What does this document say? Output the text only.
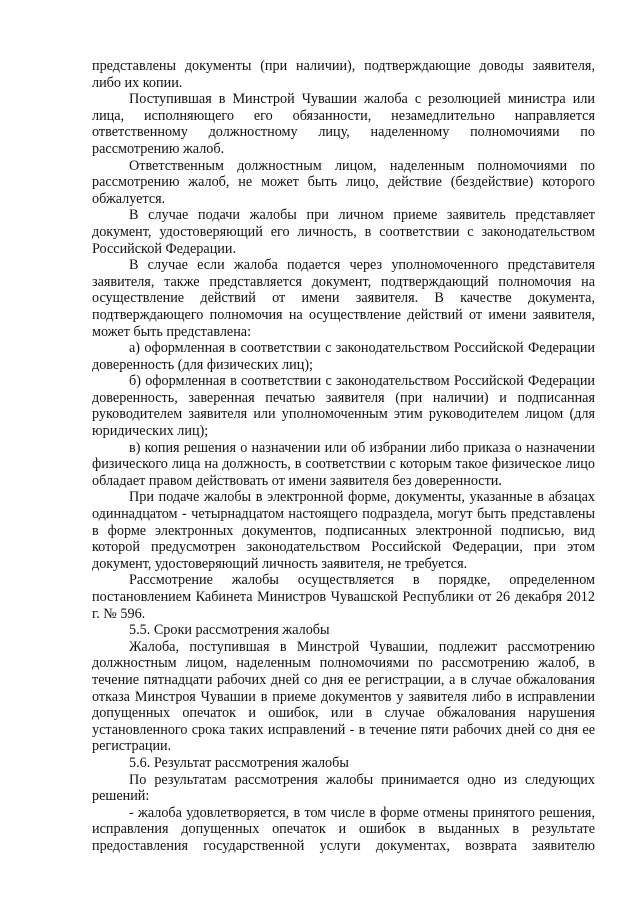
представлены документы (при наличии), подтверждающие доводы заявителя, либо их копии.

Поступившая в Минстрой Чувашии жалоба с резолюцией министра или лица, исполняющего его обязанности, незамедлительно направляется ответственному должностному лицу, наделенному полномочиями по рассмотрению жалоб.

Ответственным должностным лицом, наделенным полномочиями по рассмотрению жалоб, не может быть лицо, действие (бездействие) которого обжалуется.

В случае подачи жалобы при личном приеме заявитель представляет документ, удостоверяющий его личность, в соответствии с законодательством Российской Федерации.

В случае если жалоба подается через уполномоченного представителя заявителя, также представляется документ, подтверждающий полномочия на осуществление действий от имени заявителя. В качестве документа, подтверждающего полномочия на осуществление действий от имени заявителя, может быть представлена:

а) оформленная в соответствии с законодательством Российской Федерации доверенность (для физических лиц);

б) оформленная в соответствии с законодательством Российской Федерации доверенность, заверенная печатью заявителя (при наличии) и подписанная руководителем заявителя или уполномоченным этим руководителем лицом (для юридических лиц);

в) копия решения о назначении или об избрании либо приказа о назначении физического лица на должность, в соответствии с которым такое физическое лицо обладает правом действовать от имени заявителя без доверенности.

При подаче жалобы в электронной форме, документы, указанные в абзацах одиннадцатом - четырнадцатом настоящего подраздела, могут быть представлены в форме электронных документов, подписанных электронной подписью, вид которой предусмотрен законодательством Российской Федерации, при этом документ, удостоверяющий личность заявителя, не требуется.

Рассмотрение жалобы осуществляется в порядке, определенном постановлением Кабинета Министров Чувашской Республики от 26 декабря 2012 г. № 596.

5.5. Сроки рассмотрения жалобы

Жалоба, поступившая в Минстрой Чувашии, подлежит рассмотрению должностным лицом, наделенным полномочиями по рассмотрению жалоб, в течение пятнадцати рабочих дней со дня ее регистрации, а в случае обжалования отказа Минстроя Чувашии в приеме документов у заявителя либо в исправлении допущенных опечаток и ошибок, или в случае обжалования нарушения установленного срока таких исправлений - в течение пяти рабочих дней со дня ее регистрации.

5.6. Результат рассмотрения жалобы

По результатам рассмотрения жалобы принимается одно из следующих решений:

- жалоба удовлетворяется, в том числе в форме отмены принятого решения, исправления допущенных опечаток и ошибок в выданных в результате предоставления государственной услуги документах, возврата заявителю
